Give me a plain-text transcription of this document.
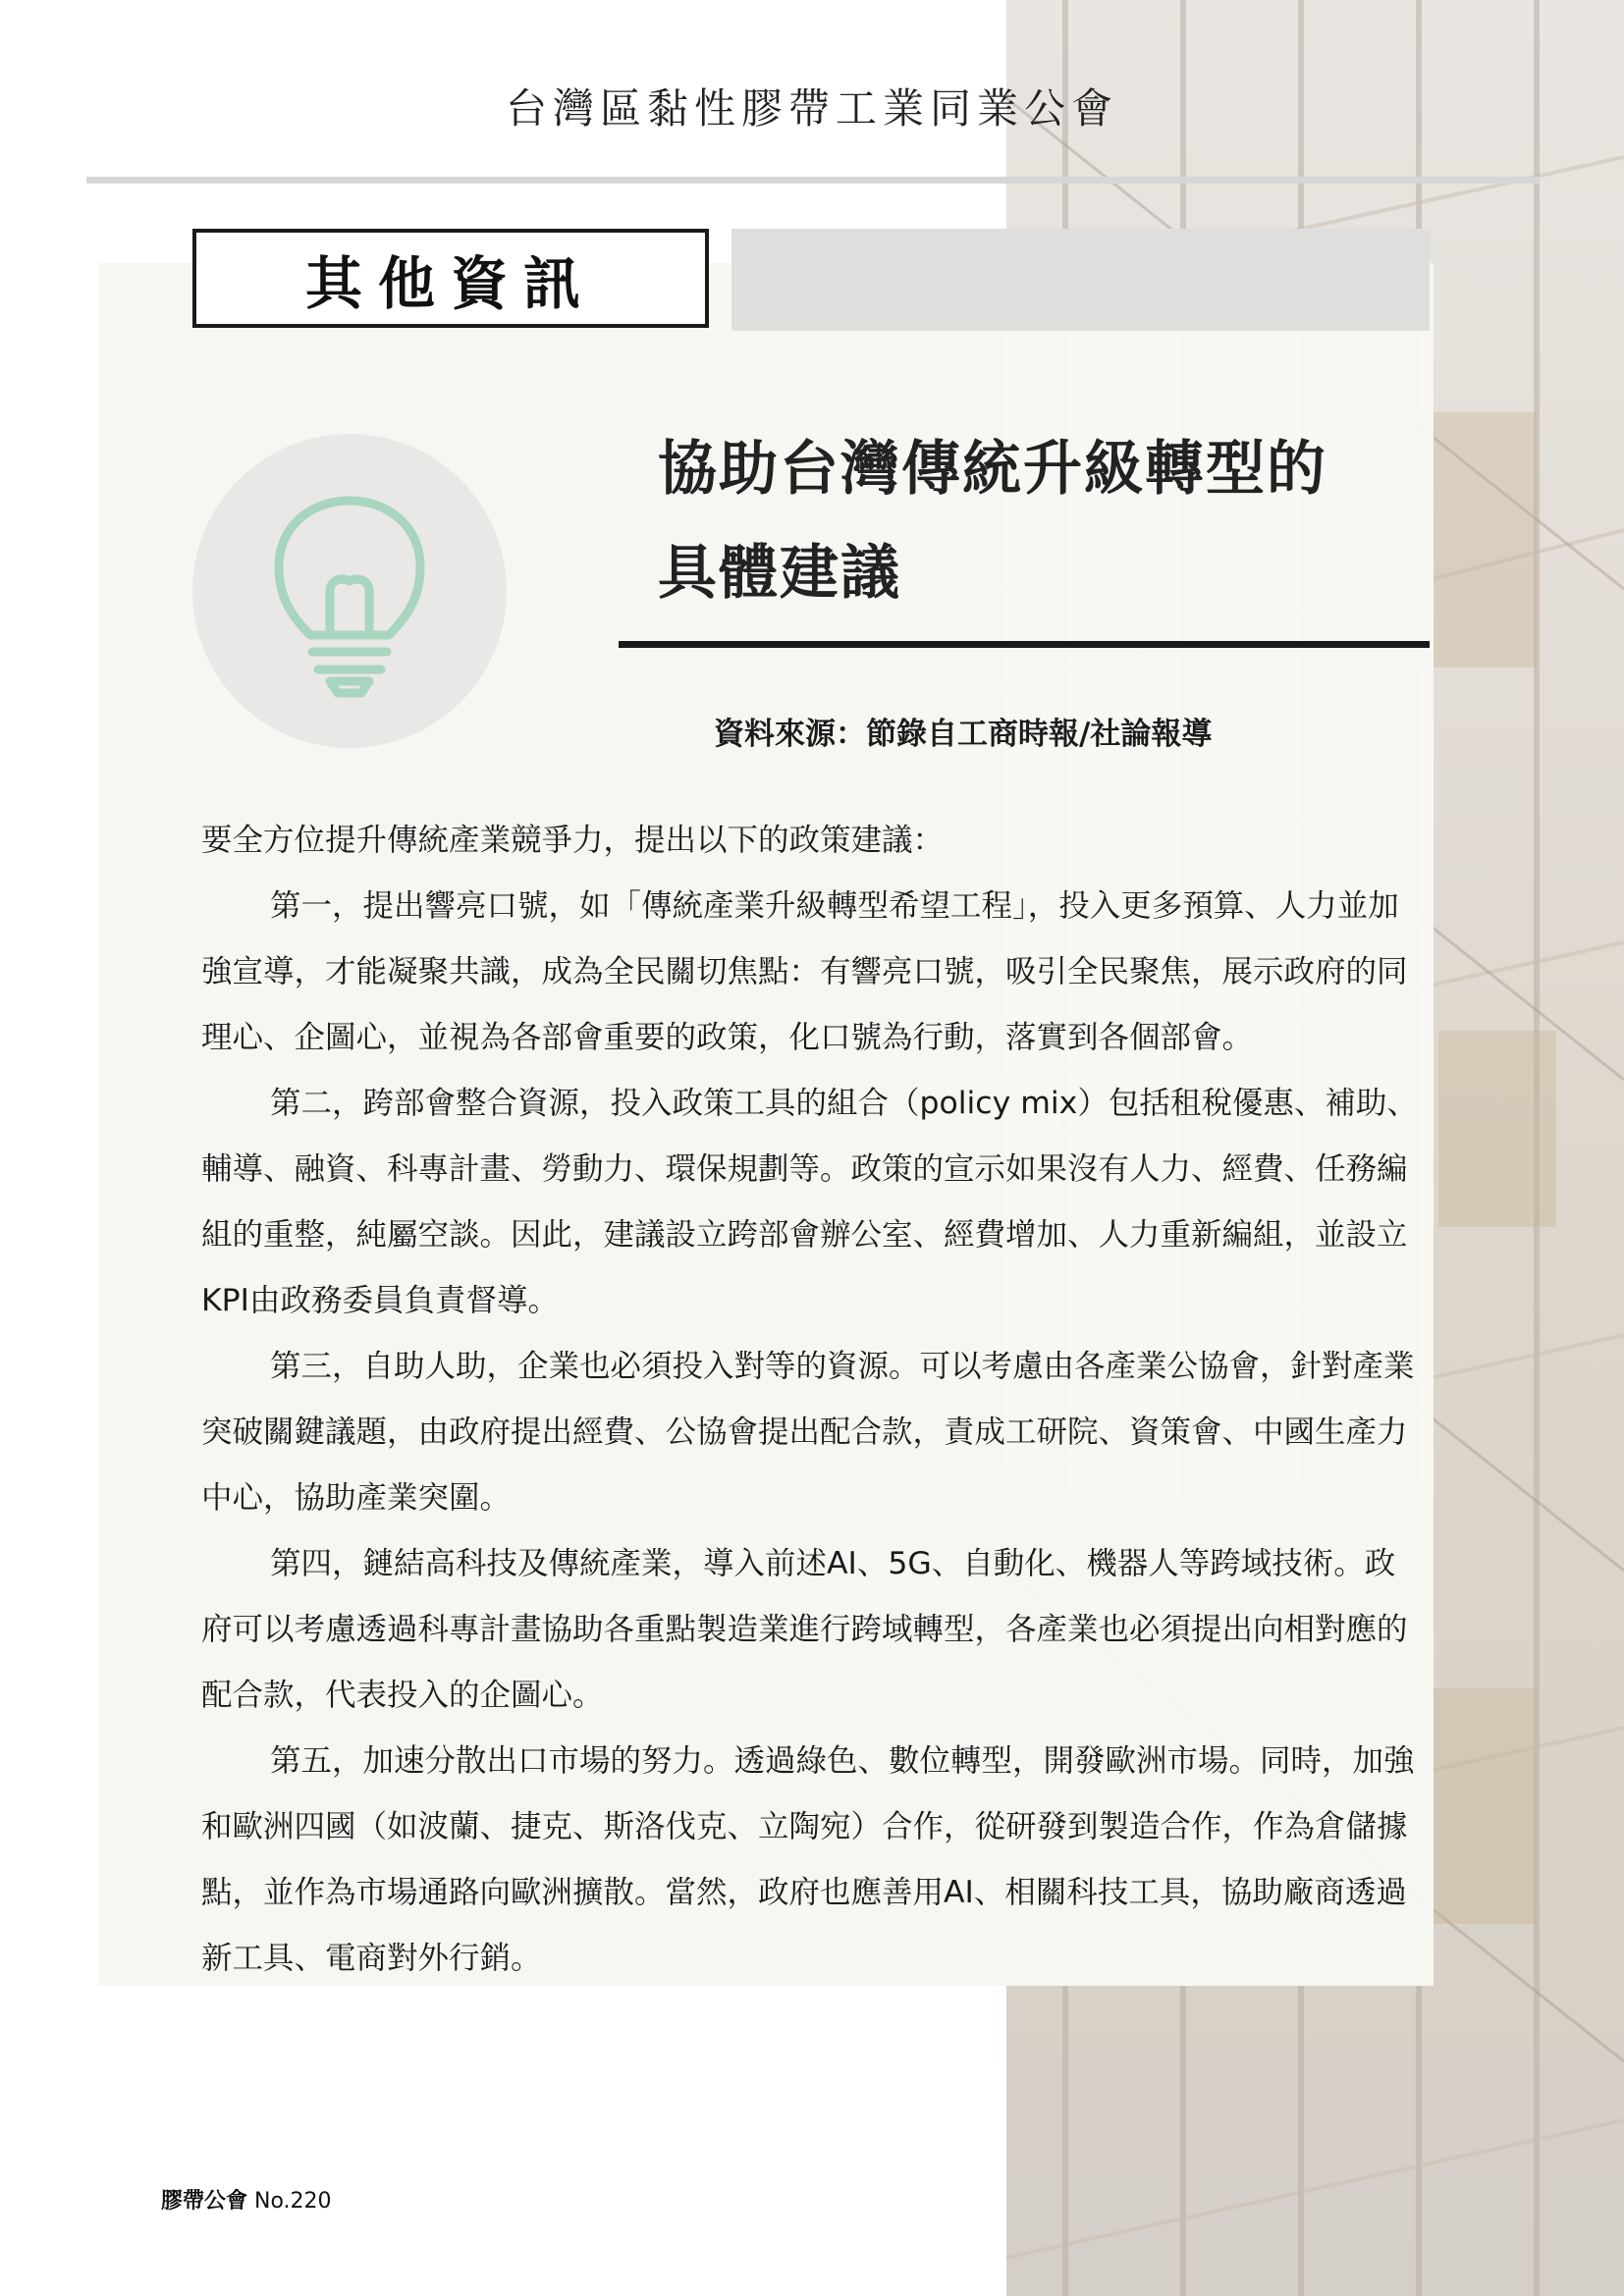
台灣區黏性膠帶工業同業公會
其他資訊
協助台灣傳統升級轉型的
具體建議
資料來源：節錄自工商時報/社論報導

要全方位提升傳統產業競爭力，提出以下的政策建議：

第一，提出響亮口號，如「傳統產業升級轉型希望工程」，投入更多預算、人力並加強宣導，才能凝聚共識，成為全民關切焦點：有響亮口號，吸引全民聚焦，展示政府的同理心、企圖心，並視為各部會重要的政策，化口號為行動，落實到各個部會。

第二，跨部會整合資源，投入政策工具的組合（policy mix）包括租稅優惠、補助、輔導、融資、科專計畫、勞動力、環保規劃等。政策的宣示如果沒有人力、經費、任務編組的重整，純屬空談。因此，建議設立跨部會辦公室、經費增加、人力重新編組，並設立KPI由政務委員負責督導。

第三，自助人助，企業也必須投入對等的資源。可以考慮由各產業公協會，針對產業突破關鍵議題，由政府提出經費、公協會提出配合款，責成工研院、資策會、中國生產力中心，協助產業突圍。

第四，鏈結高科技及傳統產業，導入前述AI、5G、自動化、機器人等跨域技術。政府可以考慮透過科專計畫協助各重點製造業進行跨域轉型，各產業也必須提出向相對應的配合款，代表投入的企圖心。

第五，加速分散出口市場的努力。透過綠色、數位轉型，開發歐洲市場。同時，加強和歐洲四國（如波蘭、捷克、斯洛伐克、立陶宛）合作，從研發到製造合作，作為倉儲據點，並作為市場通路向歐洲擴散。當然，政府也應善用AI、相關科技工具，協助廠商透過新工具、電商對外行銷。

膠帶公會 No.220
